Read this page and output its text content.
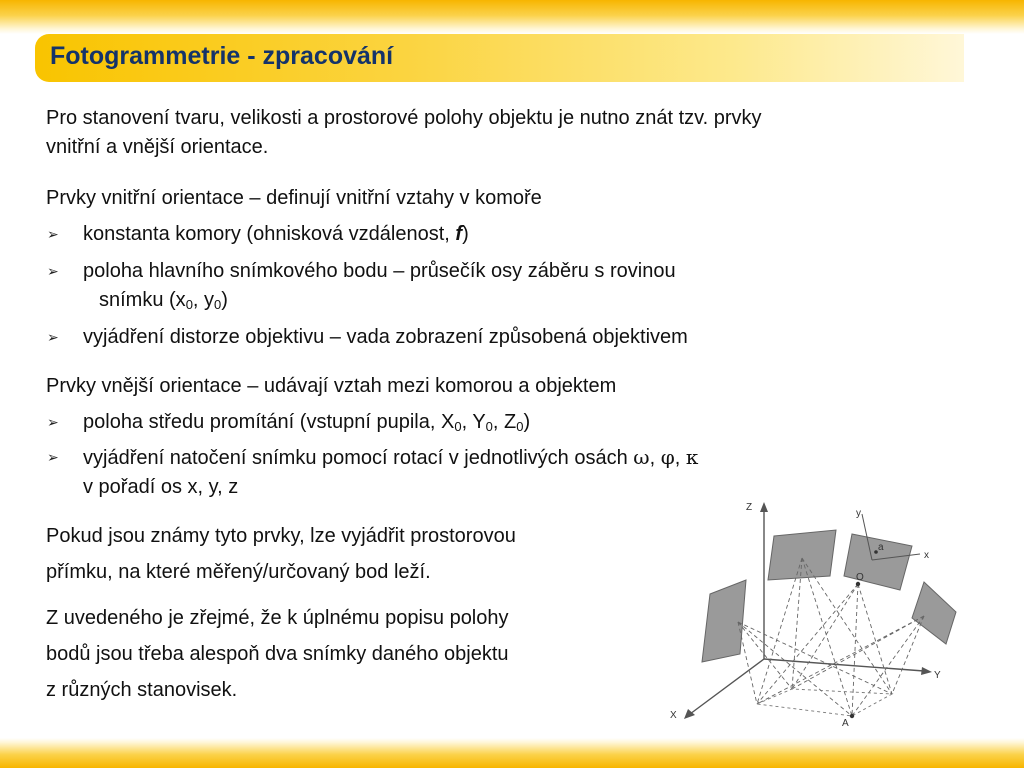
Fotogrammetrie - zpracování

Pro stanovení tvaru, velikosti a prostorové polohy objektu je nutno znát tzv. prvky
vnitřní a vnější orientace.

Prvky vnitřní orientace – definují vnitřní vztahy v komoře

➢ konstanta komory (ohnisková vzdálenost, f)
➢ poloha hlavního snímkového bodu – průsečík osy záběru s rovinou
snímku ($x_0$, $y_0$)
➢ vyjádření distorze objektivu – vada zobrazení způsobená objektivem

Prvky vnější orientace – udávají vztah mezi komorou a objektem

➢ poloha středu promítání (vstupní pupila, $X_0$, $Y_0$, $Z_0$)
➢ vyjádření natočení snímku pomocí rotací v jednotlivých osách ω, φ, κ
v pořadí os x, y, z

Pokud jsou známy tyto prvky, lze vyjádřit prostorovou
přímku, na které měřený/určovaný bod leží.

Z uvedeného je zřejmé, že k úplnému popisu polohy
bodů jsou třeba alespoň dva snímky daného objektu
z různých stanovisek.

Z
Y
X
y
x
a
O
A
